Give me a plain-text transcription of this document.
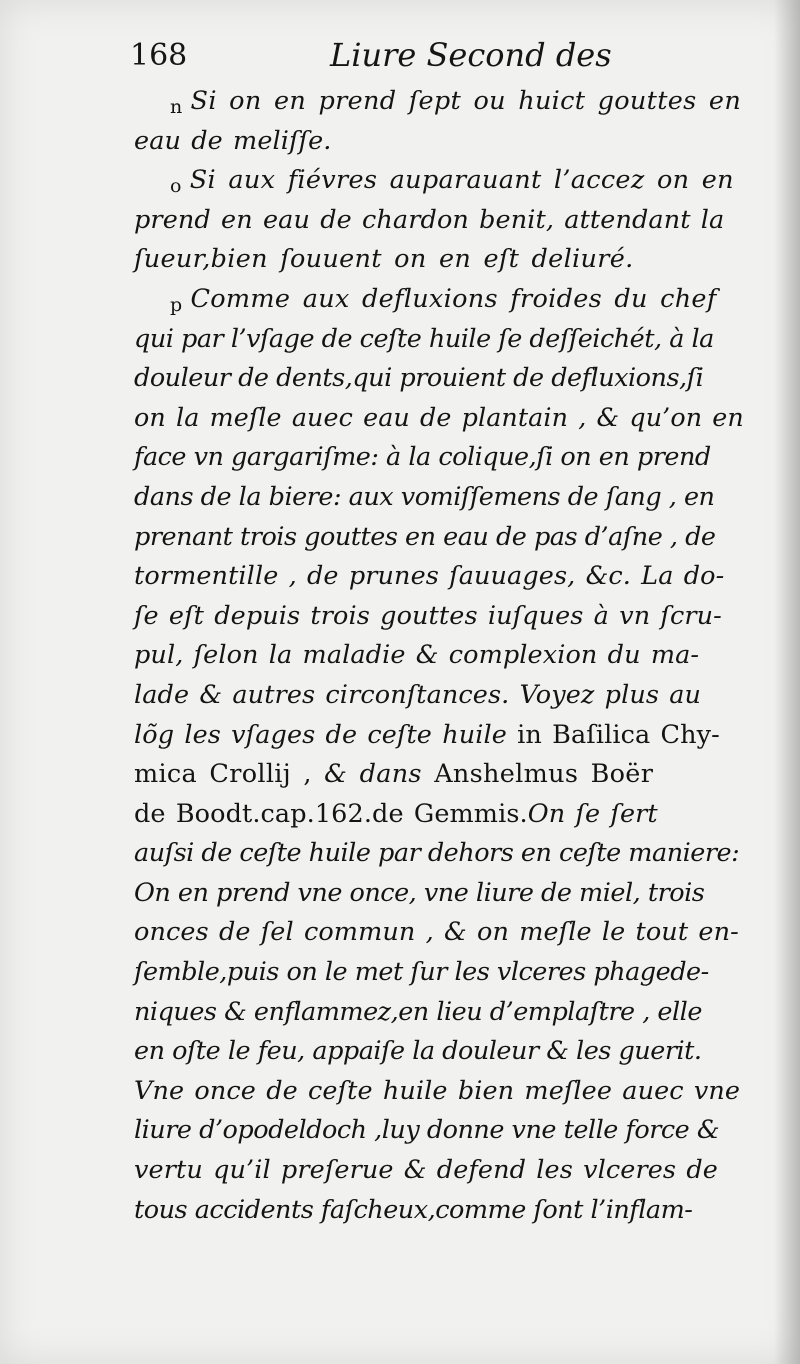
168	Liure Second des
n Si on en prend ſept ou huict gouttes en
eau de meliſſe.
o Si aux fiévres auparauant l’accez on en
prend en eau de chardon benit, attendant la
ſueur,bien ſouuent on en eſt deliuré.
p Comme aux defluxions froides du chef
qui par l’vſage de ceſte huile ſe deſſeichét, à la
douleur de dents,qui prouient de defluxions,ſi
on la meſle auec eau de plantain , & qu’on en
face vn gargariſme: à la colique,ſi on en prend
dans de la biere: aux vomiſſemens de ſang , en
prenant trois gouttes en eau de pas d’aſne , de
tormentille , de prunes ſauuages, &c. La do-
ſe eſt depuis trois gouttes iuſques à vn ſcru-
pul, ſelon la maladie & complexion du ma-
lade & autres circonſtances. Voyez plus au
lõg les vſages de ceſte huile in Baſilica Chy-
mica Crollij , & dans Anshelmus Boër
de Boodt.cap.162.de Gemmis.On ſe ſert
auſsi de ceſte huile par dehors en ceſte maniere:
On en prend vne once, vne liure de miel, trois
onces de ſel commun , & on meſle le tout en-
ſemble,puis on le met ſur les vlceres phagede-
niques & enflammez,en lieu d’emplaſtre , elle
en oſte le feu, appaiſe la douleur & les guerit.
Vne once de ceſte huile bien meſlee auec vne
liure d’opodeldoch ,luy donne vne telle force &
vertu qu’il preſerue & defend les vlceres de
tous accidents faſcheux,comme ſont l’inflam-
